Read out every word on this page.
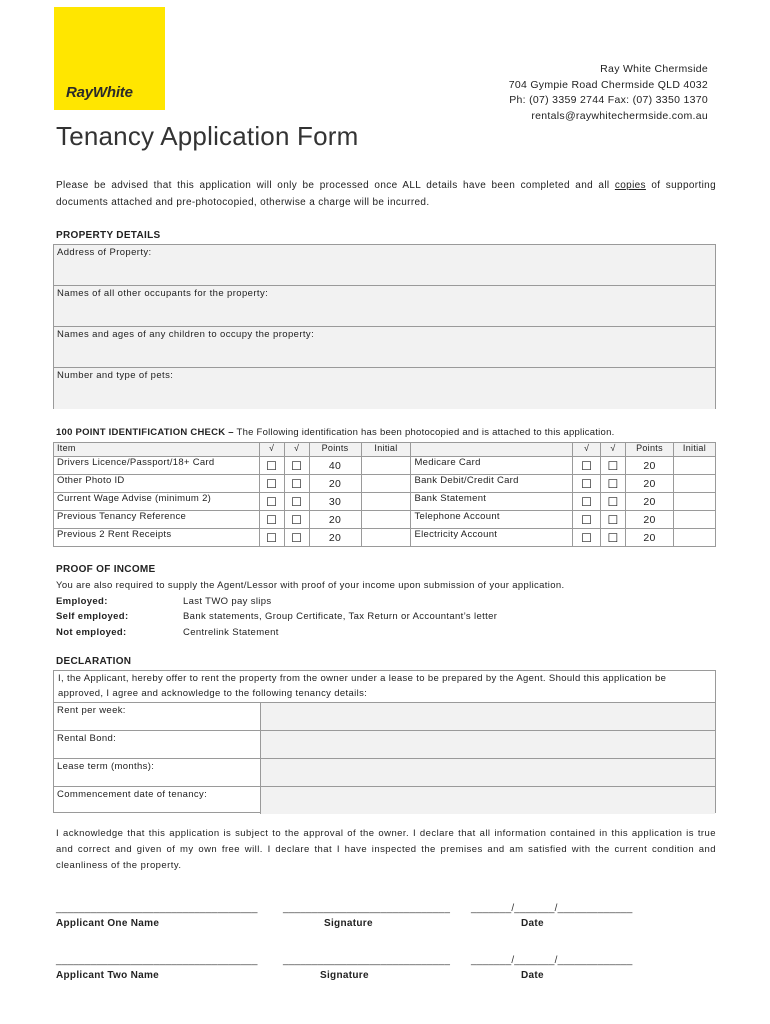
RayWhite
Ray White Chermside
704 Gympie Road Chermside QLD 4032
Ph: (07) 3359 2744 Fax: (07) 3350 1370
rentals@raywhitechermside.com.au
Tenancy Application Form
Please be advised that this application will only be processed once ALL details have been completed and all copies of supporting documents attached and pre-photocopied, otherwise a charge will be incurred.
PROPERTY DETAILS
Address of Property:
Names of all other occupants for the property:
Names and ages of any children to occupy the property:
Number and type of pets:
100 POINT IDENTIFICATION CHECK – The Following identification has been photocopied and is attached to this application.
Item	√	√	Points	Initial		√	√	Points	Initial
Drivers Licence/Passport/18+ Card	☐	☐	40		Medicare Card	☐	☐	20	
Other Photo ID	☐	☐	20		Bank Debit/Credit Card	☐	☐	20	
Current Wage Advise (minimum 2)	☐	☐	30		Bank Statement	☐	☐	20	
Previous Tenancy Reference	☐	☐	20		Telephone Account	☐	☐	20	
Previous 2 Rent Receipts	☐	☐	20		Electricity Account	☐	☐	20	
PROOF OF INCOME
You are also required to supply the Agent/Lessor with proof of your income upon submission of your application.
Employed:	Last TWO pay slips
Self employed:	Bank statements, Group Certificate, Tax Return or Accountant’s letter
Not employed:	Centrelink Statement
DECLARATION
I, the Applicant, hereby offer to rent the property from the owner under a lease to be prepared by the Agent. Should this application be approved, I agree and acknowledge to the following tenancy details:
Rent per week:
Rental Bond:
Lease term (months):
Commencement date of tenancy:
I acknowledge that this application is subject to the approval of the owner. I declare that all information contained in this application is true and correct and given of my own free will. I declare that I have inspected the premises and am satisfied with the current condition and cleanliness of the property.
___________________________________	_____________________________ _______/_______/_____________
Applicant One Name	Signature	Date
___________________________________	_____________________________ _______/_______/_____________
Applicant Two Name	Signature	Date
